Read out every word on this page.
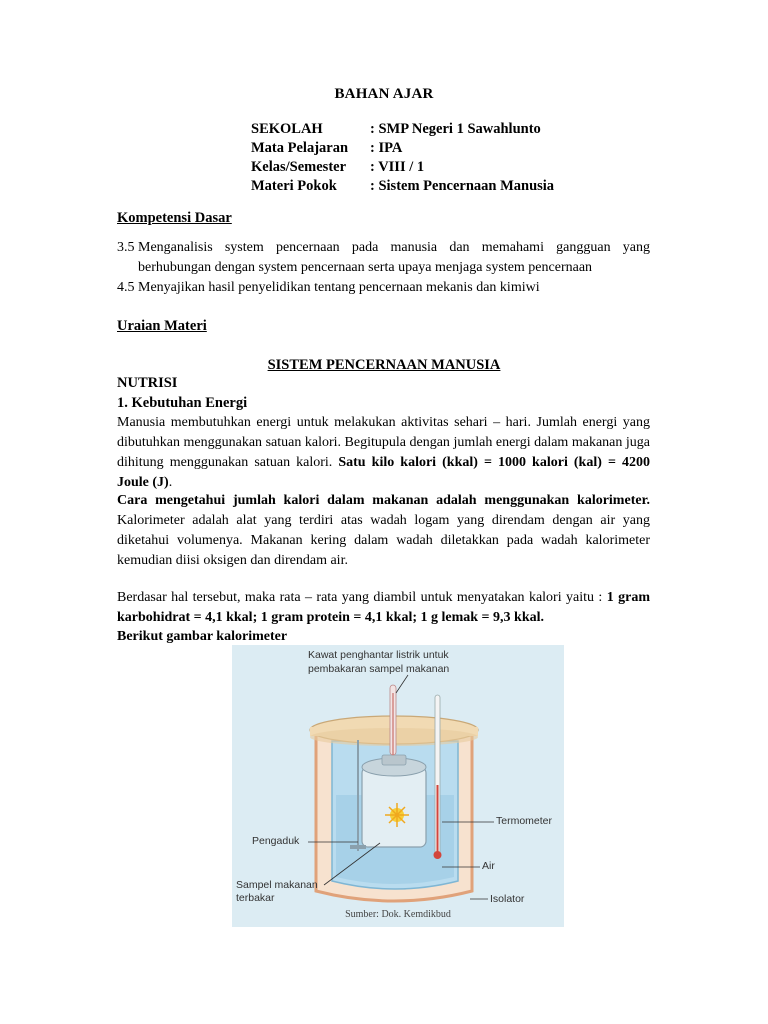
BAHAN AJAR
SEKOLAH	: SMP Negeri 1 Sawahlunto
Mata Pelajaran : IPA
Kelas/Semester : VIII / 1
Materi Pokok : Sistem Pencernaan Manusia
Kompetensi Dasar
3.5 Menganalisis system pencernaan pada manusia dan memahami gangguan yang berhubungan dengan system pencernaan serta upaya menjaga system pencernaan
4.5 Menyajikan hasil penyelidikan tentang pencernaan mekanis dan kimiwi
Uraian Materi
SISTEM PENCERNAAN MANUSIA
NUTRISI
1. Kebutuhan Energi
Manusia membutuhkan energi untuk melakukan aktivitas sehari – hari. Jumlah energi yang dibutuhkan menggunakan satuan kalori. Begitupula dengan jumlah energi dalam makanan juga dihitung menggunakan satuan kalori. Satu kilo kalori (kkal) = 1000 kalori (kal) = 4200 Joule (J).
Cara mengetahui jumlah kalori dalam makanan adalah menggunakan kalorimeter. Kalorimeter adalah alat yang terdiri atas wadah logam yang direndam dengan air yang diketahui volumenya. Makanan kering dalam wadah diletakkan pada wadah kalorimeter kemudian diisi oksigen dan direndam air.
Berdasar hal tersebut, maka rata – rata yang diambil untuk menyatakan kalori yaitu : 1 gram karbohidrat = 4,1 kkal; 1 gram protein = 4,1 kkal; 1 g lemak = 9,3 kkal.
Berikut gambar kalorimeter
Kawat penghantar listrik untuk
pembakaran sampel makanan
Termometer
Pengaduk
Air
Sampel makanan
terbakar	Isolator
Sumber: Dok. Kemdikbud
